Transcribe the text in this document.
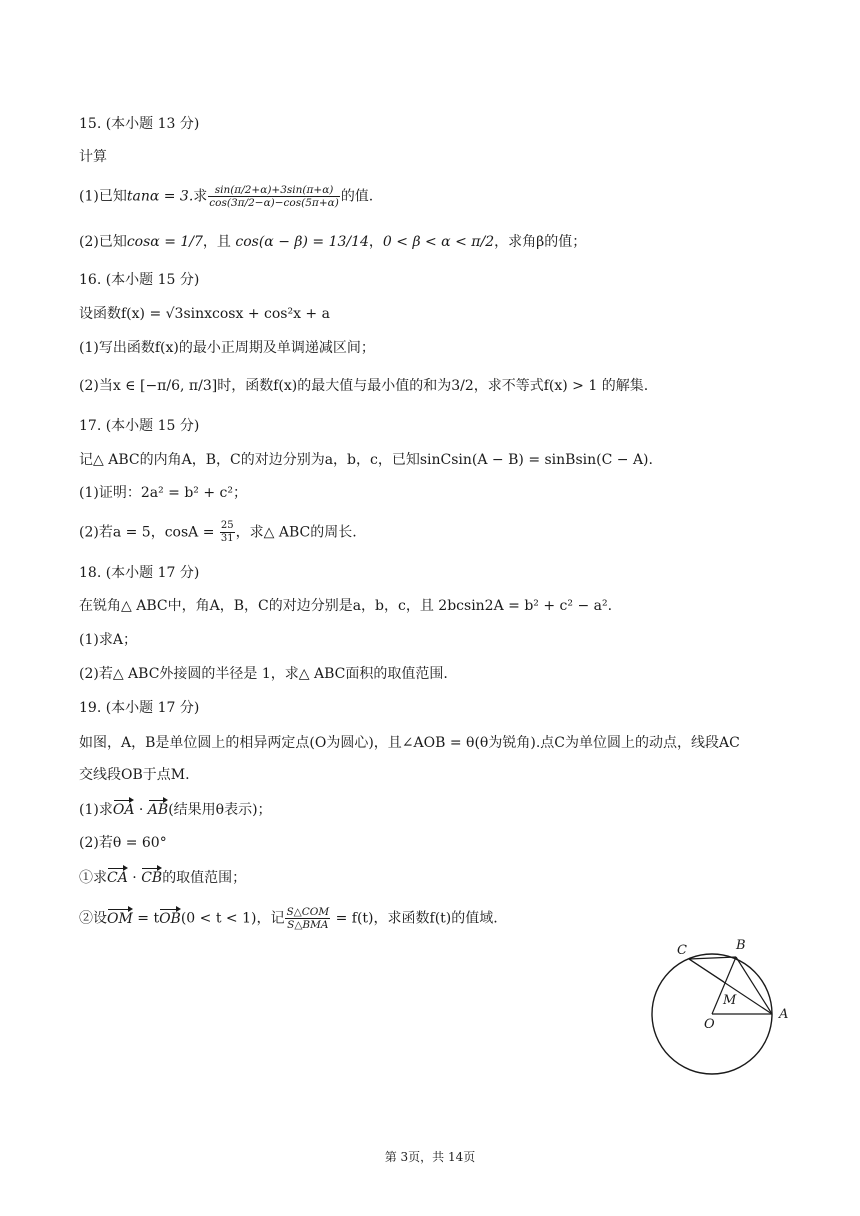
15. (本小题 13 分)
计算
(1)已知tanα = 3.求 $\frac{\sin(\pi/2+\alpha)+3\sin(\pi+\alpha)}{\cos(3\pi/2-\alpha)-\cos(5\pi+\alpha)}$ 的值.
(2)已知cosα = 1/7，且 cos(α − β) = 13/14，0 < β < α < π/2，求角β的值；
16. (本小题 15 分)
设函数f(x) = √3sinxcosx + cos²x + a
(1)写出函数f(x)的最小正周期及单调递减区间；
(2)当x ∈ [−π/6, π/3]时，函数f(x)的最大值与最小值的和为3/2，求不等式f(x) > 1 的解集.
17. (本小题 15 分)
记△ ABC的内角A，B，C的对边分别为a，b，c，已知sinCsin(A − B) = sinBsin(C − A).
(1)证明：2a² = b² + c²；
(2)若a = 5，$\cos A = \frac{25}{31}$ ，求△ ABC的周长.
18. (本小题 17 分)
在锐角△ ABC中，角A，B，C的对边分别是a，b，c，且 2bcsin2A = b² + c² − a².
(1)求A；
(2)若△ ABC外接圆的半径是 1，求△ ABC面积的取值范围.
19. (本小题 17 分)
如图，A，B是单位圆上的相异两定点(O为圆心)，且∠AOB = θ(θ为锐角).点C为单位圆上的动点，线段AC
交线段OB于点M.
(1)求OA · AB(结果用θ表示)；
(2)若θ = 60°
①求CA · CB的取值范围；
②设OM = tOB(0 < t < 1)，记 $\frac{\text{S△COM}}{\text{S△BMA}} = f(t)$，求函数f(t)的值域.
C	B
A
O
M
第 3页，共 14页
